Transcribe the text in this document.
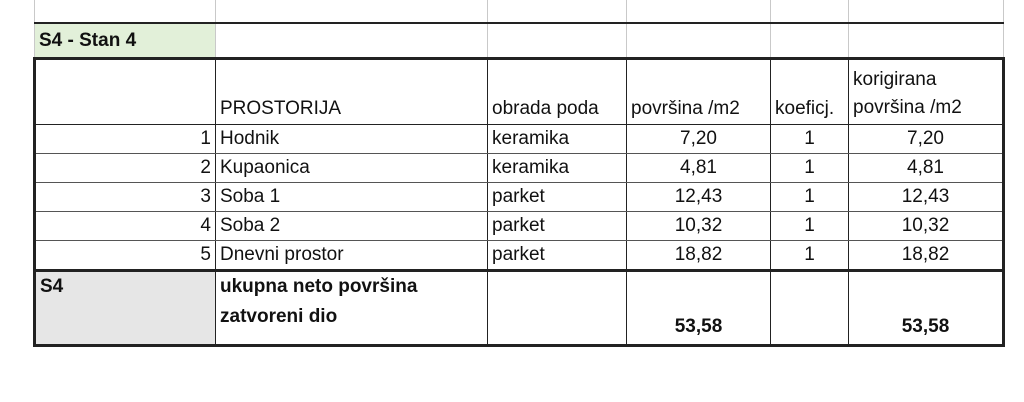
S4 - Stan 4					
	PROSTORIJA	obrada poda	površina /m2	koeficj.	korigirana površina /m2
1	Hodnik	keramika	7,20	1	7,20
2	Kupaonica	keramika	4,81	1	4,81
3	Soba 1	parket	12,43	1	12,43
4	Soba 2	parket	10,32	1	10,32
5	Dnevni prostor	parket	18,82	1	18,82
S4	ukupna neto površina zatvoreni dio		53,58		53,58
